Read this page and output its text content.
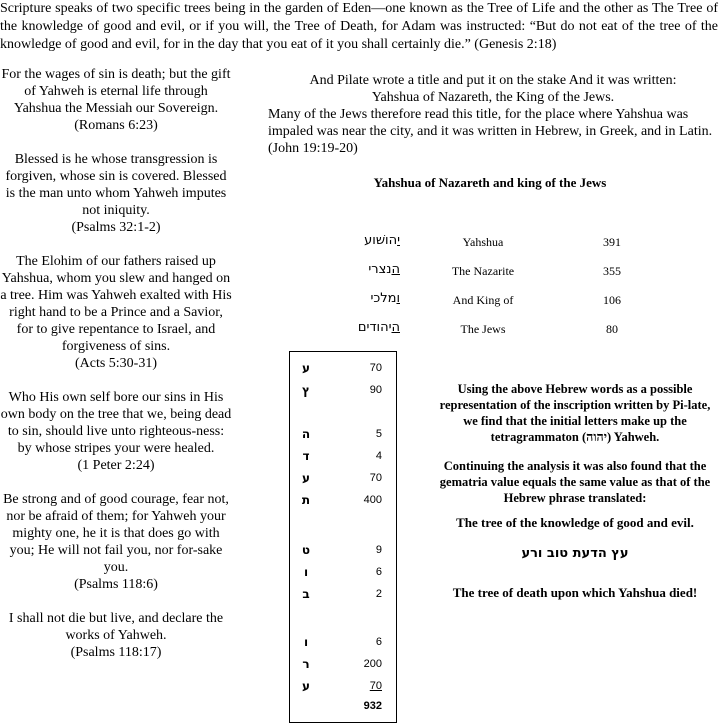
Scripture speaks of two specific trees being in the garden of Eden—one known as the Tree of Life and the other as The Tree of the knowledge of good and evil, or if you will, the Tree of Death, for Adam was instructed: “But do not eat of the tree of the knowledge of good and evil, for in the day that you eat of it you shall certainly die.” (Genesis 2:18)

For the wages of sin is death; but the gift of Yahweh is eternal life through Yahshua the Messiah our Sovereign.

(Romans 6:23)

Blessed is he whose transgression is forgiven, whose sin is covered. Blessed is the man unto whom Yahweh imputes not iniquity.

(Psalms 32:1-2)

The Elohim of our fathers raised up Yahshua, whom you slew and hanged on a tree. Him was Yahweh exalted with His right hand to be a Prince and a Savior, for to give repentance to Israel, and forgiveness of sins.

(Acts 5:30-31)

Who His own self bore our sins in His own body on the tree that we, being dead to sin, should live unto righteous-ness: by whose stripes your were healed.

(1 Peter 2:24)

Be strong and of good courage, fear not, nor be afraid of them; for Yahweh your mighty one, he it is that does go with you; He will not fail you, nor for-sake you.

(Psalms 118:6)

I shall not die but live, and declare the works of Yahweh.

(Psalms 118:17)

And Pilate wrote a title and put it on the stake And it was written:
Yahshua of Nazareth, the King of the Jews.
Many of the Jews therefore read this title, for the place where Yahshua was impaled was near the city, and it was written in Hebrew, in Greek, and in Latin. (John 19:19-20)
Yahshua of Nazareth and king of the Jews
יהושׁוע	Yahshua	391
הנצרי	The Nazarite	355
ומלכי	And King of	106
היהודים	The Jews	80
ע	70
ץ	90
ה	5
ד	4
ע	70
ת	400
ט	9
ו	6
ב	2
ו	6
ר	200
ע	70
932
Using the above Hebrew words as a possible representation of the inscription written by Pi-late, we find that the initial letters make up the tetragrammaton (יהוה) Yahweh.
Continuing the analysis it was also found that the gematria value equals the same value as that of the Hebrew phrase translated:
The tree of the knowledge of good and evil.
עץ הדעת טוב ורע
The tree of death upon which Yahshua died!
